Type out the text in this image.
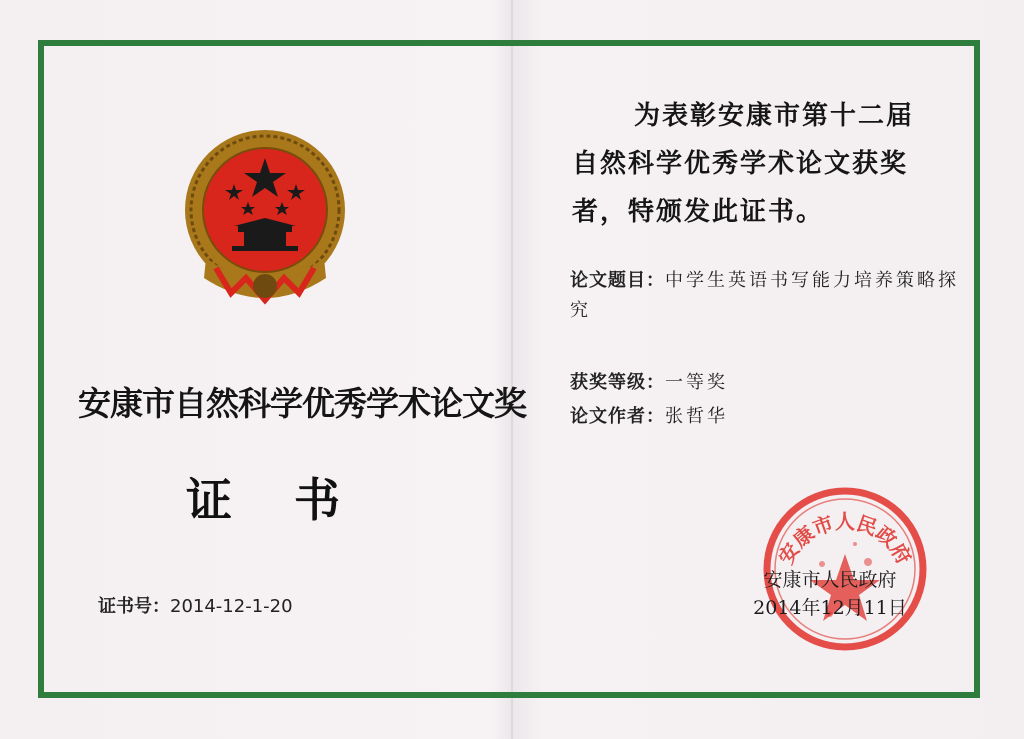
安康市自然科学优秀学术论文奖
证书
证书号：2014-12-1-20
为表彰安康市第十二届
自然科学优秀学术论文获奖
者，特颁发此证书。
论文题目：中学生英语书写能力培养策略探究
获奖等级：一等奖
论文作者：张哲华
安康市人民政府
安康市人民政府
2014年12月11日
